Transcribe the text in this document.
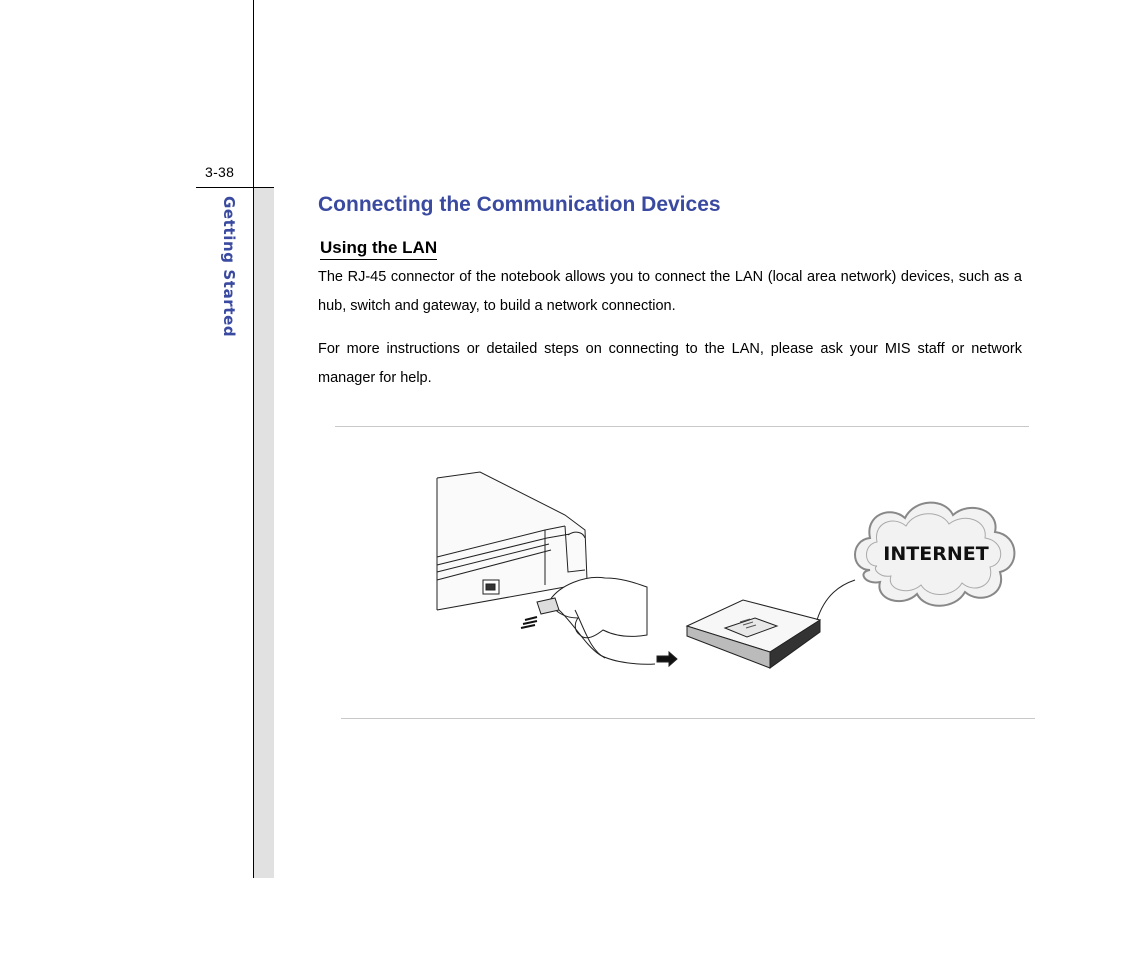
3-38
Getting Started	Connecting the Communication Devices
Using the LAN

The RJ-45 connector of the notebook allows you to connect the LAN (local area network) devices, such as a hub, switch and gateway, to build a network connection.

For more instructions or detailed steps on connecting to the LAN, please ask your MIS staff or network manager for help.

INTERNET
